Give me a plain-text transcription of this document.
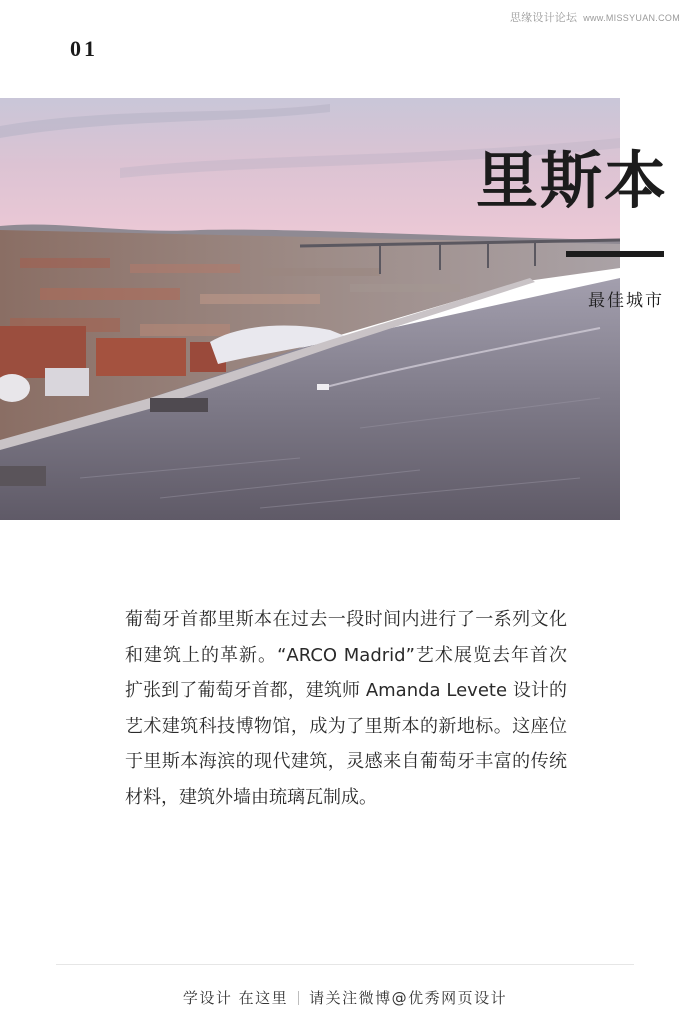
思缘设计论坛 www.MISSYUAN.COM
01
里斯本
最佳城市

葡萄牙首都里斯本在过去一段时间内进行了一系列文化和建筑上的革新。“ARCO Madrid”艺术展览去年首次扩张到了葡萄牙首都，建筑师 Amanda Levete 设计的艺术建筑科技博物馆，成为了里斯本的新地标。这座位于里斯本海滨的现代建筑，灵感来自葡萄牙丰富的传统材料，建筑外墙由琉璃瓦制成。

学设计 在这里 请关注微博@优秀网页设计
